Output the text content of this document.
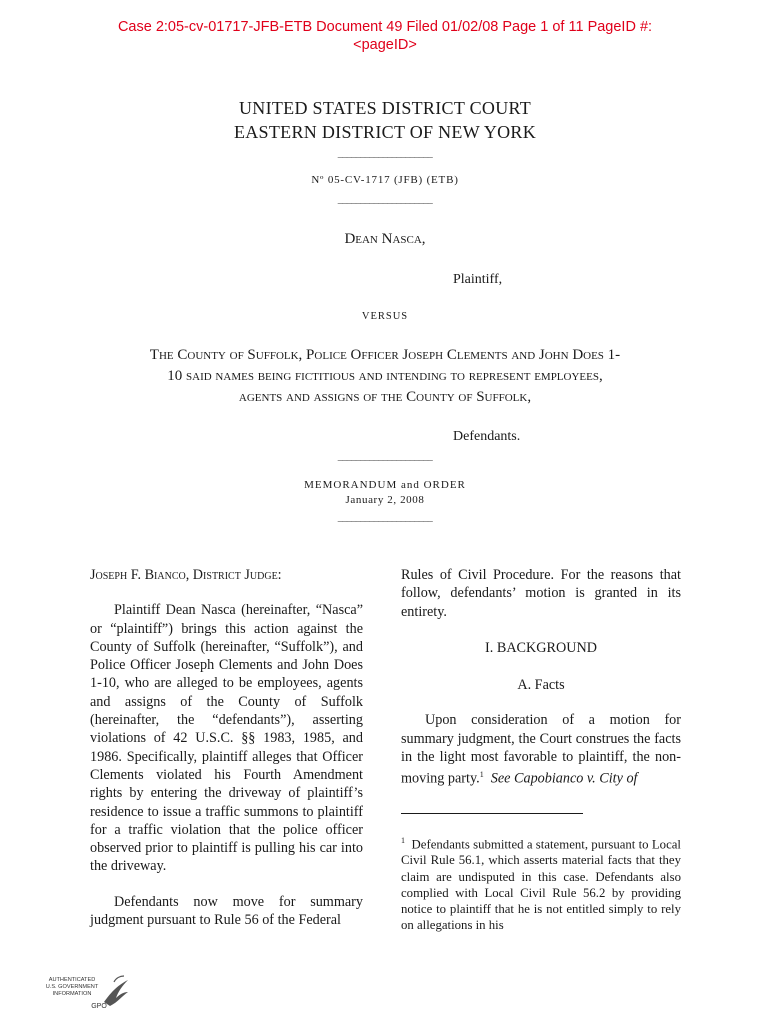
Case 2:05-cv-01717-JFB-ETB Document 49 Filed 01/02/08 Page 1 of 11 PageID #:
<pageID>
UNITED STATES DISTRICT COURT
EASTERN DISTRICT OF NEW YORK
_____________________
Nº 05-CV-1717 (JFB) (ETB)
_____________________
Dean Nasca,
Plaintiff,
VERSUS
The County of Suffolk, Police Officer Joseph Clements and John Does 1-
10 said names being fictitious and intending to represent employees,
agents and assigns of the County of Suffolk,
Defendants.
_____________________
MEMORANDUM and ORDER
January 2, 2008
_____________________

Joseph F. Bianco, District Judge:

Plaintiff Dean Nasca (hereinafter, “Nasca” or “plaintiff”) brings this action against the County of Suffolk (hereinafter, “Suffolk”), and Police Officer Joseph Clements and John Does 1-10, who are alleged to be employees, agents and assigns of the County of Suffolk (hereinafter, the “defendants”), asserting violations of 42 U.S.C. §§ 1983, 1985, and 1986. Specifically, plaintiff alleges that Officer Clements violated his Fourth Amendment rights by entering the driveway of plaintiff’s residence to issue a traffic summons to plaintiff for a traffic violation that the police officer observed prior to plaintiff is pulling his car into the driveway.

Defendants now move for summary judgment pursuant to Rule 56 of the Federal

Rules of Civil Procedure. For the reasons that follow, defendants’ motion is granted in its entirety.

I. BACKGROUND

A. Facts

Upon consideration of a motion for summary judgment, the Court construes the facts in the light most favorable to plaintiff, the non-moving party.$^1$ See Capobianco v. City of

$^1$ Defendants submitted a statement, pursuant to Local Civil Rule 56.1, which asserts material facts that they claim are undisputed in this case. Defendants also complied with Local Civil Rule 56.2 by providing notice to plaintiff that he is not entitled simply to rely on allegations in his
AUTHENTICATED
U.S. GOVERNMENT
INFORMATION
GPO
